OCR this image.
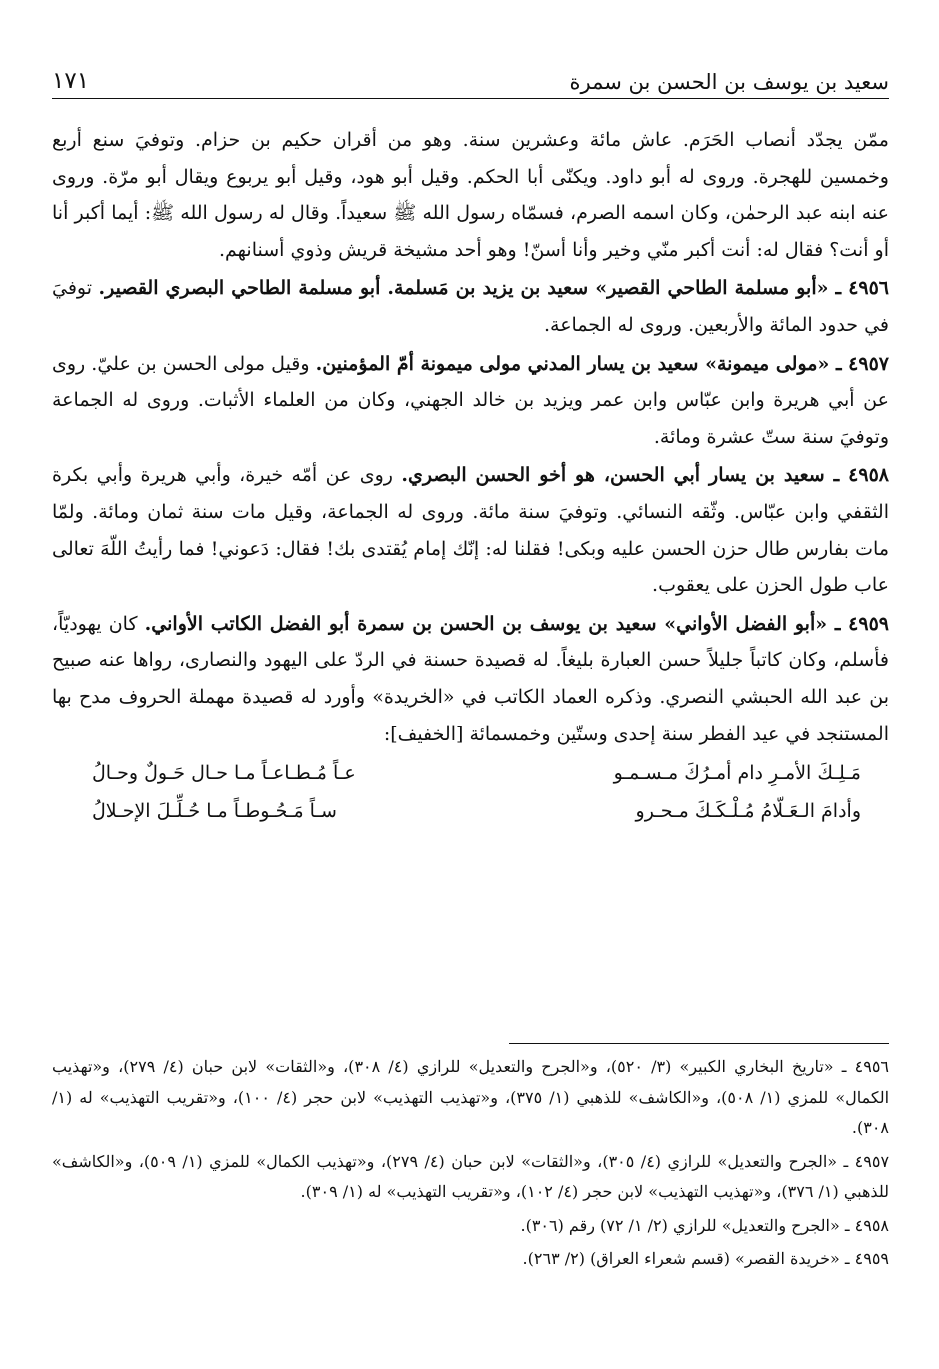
سعيد بن يوسف بن الحسن بن سمرة
١٧١

ممّن يجدّد أنصاب الحَرَم. عاش مائة وعشرين سنة. وهو من أقران حكيم بن حزام. وتوفيَ سنع أربع وخمسين للهجرة. وروى له أبو داود. ويكنّى أبا الحكم. وقيل أبو هود، وقيل أبو يربوع ويقال أبو مرّة. وروى عنه ابنه عبد الرحمٰن، وكان اسمه الصرم، فسمّاه رسول الله ﷺ سعيداً. وقال له رسول الله ﷺ: أيما أكبر أنا أو أنت؟ فقال له: أنت أكبر منّي وخير وأنا أسنّ! وهو أحد مشيخة قريش وذوي أسنانهم.

٤٩٥٦ ـ «أبو مسلمة الطاحي القصير» سعيد بن يزيد بن مَسلمة. أبو مسلمة الطاحي البصري القصير. توفيَ في حدود المائة والأربعين. وروى له الجماعة.

٤٩٥٧ ـ «مولى ميمونة» سعيد بن يسار المدني مولى ميمونة أمّ المؤمنين. وقيل مولى الحسن بن عليّ. روى عن أبي هريرة وابن عبّاس وابن عمر ويزيد بن خالد الجهني، وكان من العلماء الأثبات. وروى له الجماعة وتوفيَ سنة ستّ عشرة ومائة.

٤٩٥٨ ـ سعيد بن يسار أبي الحسن، هو أخو الحسن البصري. روى عن أمّه خيرة، وأبي هريرة وأبي بكرة الثقفي وابن عبّاس. وثّقه النسائي. وتوفيَ سنة مائة. وروى له الجماعة، وقيل مات سنة ثمان ومائة. ولمّا مات بفارس طال حزن الحسن عليه وبكى! فقلنا له: إنّك إمام يُقتدى بك! فقال: دَعوني! فما رأيتُ اللّهَ تعالى عاب طول الحزن على يعقوب.

٤٩٥٩ ـ «أبو الفضل الأواني» سعيد بن يوسف بن الحسن بن سمرة أبو الفضل الكاتب الأواني. كان يهوديّاً، فأسلم، وكان كاتباً جليلاً حسن العبارة بليغاً. له قصيدة حسنة في الردّ على اليهود والنصارى، رواها عنه صبيح بن عبد الله الحبشي النصري. وذكره العماد الكاتب في «الخريدة» وأورد له قصيدة مهملة الحروف مدح بها المستنجد في عيد الفطر سنة إحدى وستّين وخمسمائة [الخفيف]:

مَـلِـكَ الأمـرِ دام أمـرُكَ مـسـمـو
عـاً مُـطـاعـاً مـا حـال حَـولٌ وحـالُ
وأدامَ الـعَـلّامُ مُـلْـكَـكَ مـحـرو
سـاً مَـحُـوطـاً مـا حُـلِّـلَ الإحـلالُ

٤٩٥٦ ـ «تاريخ البخاري الكبير» (٣/ ٥٢٠)، و«الجرح والتعديل» للرازي (٤/ ٣٠٨)، و«الثقات» لابن حبان (٤/ ٢٧٩)، و«تهذيب الكمال» للمزي (١/ ٥٠٨)، و«الكاشف» للذهبي (١/ ٣٧٥)، و«تهذيب التهذيب» لابن حجر (٤/ ١٠٠)، و«تقريب التهذيب» له (١/ ٣٠٨).

٤٩٥٧ ـ «الجرح والتعديل» للرازي (٤/ ٣٠٥)، و«الثقات» لابن حبان (٤/ ٢٧٩)، و«تهذيب الكمال» للمزي (١/ ٥٠٩)، و«الكاشف» للذهبي (١/ ٣٧٦)، و«تهذيب التهذيب» لابن حجر (٤/ ١٠٢)، و«تقريب التهذيب» له (١/ ٣٠٩).

٤٩٥٨ ـ «الجرح والتعديل» للرازي (٢/ ١/ ٧٢) رقم (٣٠٦).

٤٩٥٩ ـ «خريدة القصر» (قسم شعراء العراق) (٢/ ٢٦٣).
